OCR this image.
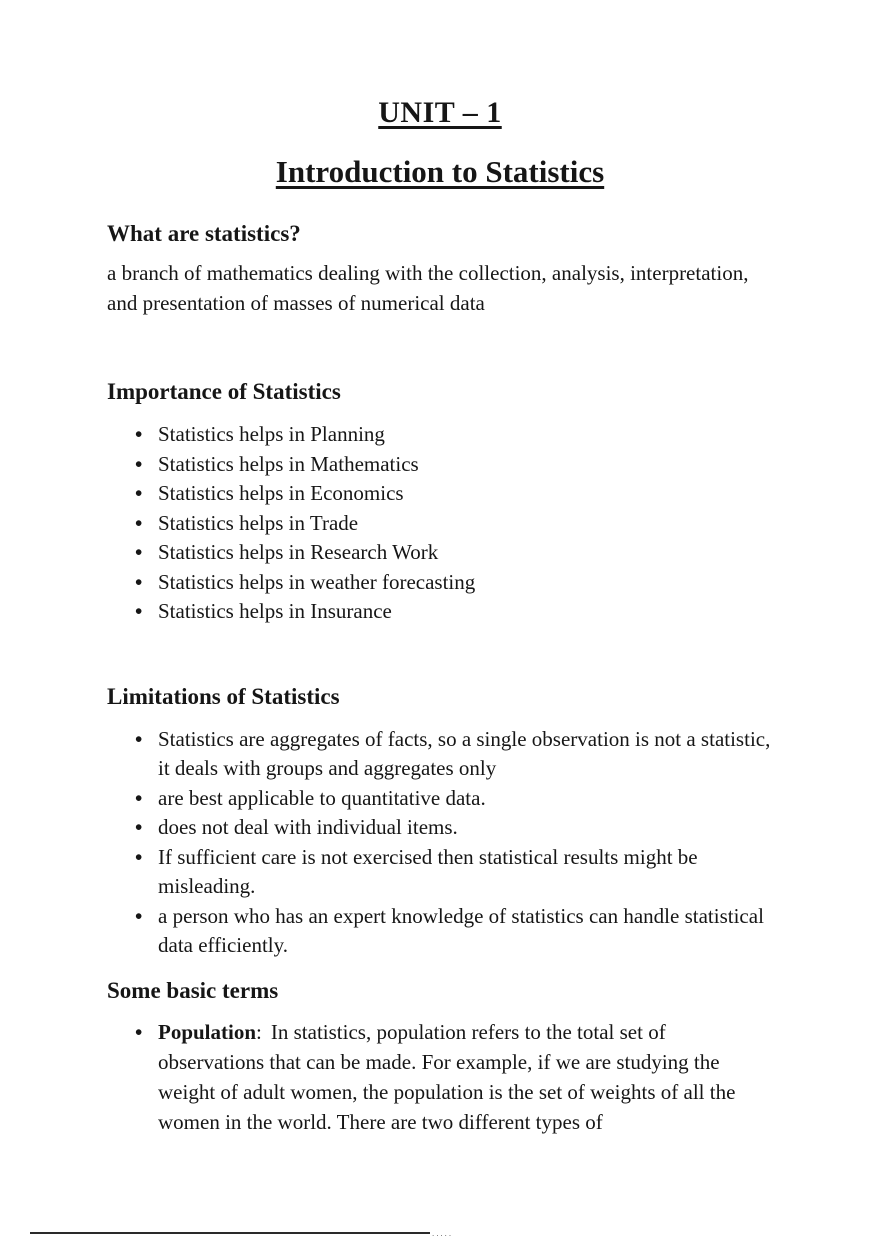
UNIT – 1
Introduction to Statistics
What are statistics?

a branch of mathematics dealing with the collection, analysis, interpretation, and presentation of masses of numerical data

Importance of Statistics
• Statistics helps in Planning
• Statistics helps in Mathematics
• Statistics helps in Economics
• Statistics helps in Trade
• Statistics helps in Research Work
• Statistics helps in weather forecasting
• Statistics helps in Insurance
Limitations of Statistics
• Statistics are aggregates of facts, so a single observation is not a statistic, it deals with groups and aggregates only
• are best applicable to quantitative data.
• does not deal with individual items.
• If sufficient care is not exercised then statistical results might be misleading.
• a person who has an expert knowledge of statistics can handle statistical data efficiently.
Some basic terms
• Population: In statistics, population refers to the total set of observations that can be made. For example, if we are studying the weight of adult women, the population is the set of weights of all the women in the world. There are two different types of
.....
